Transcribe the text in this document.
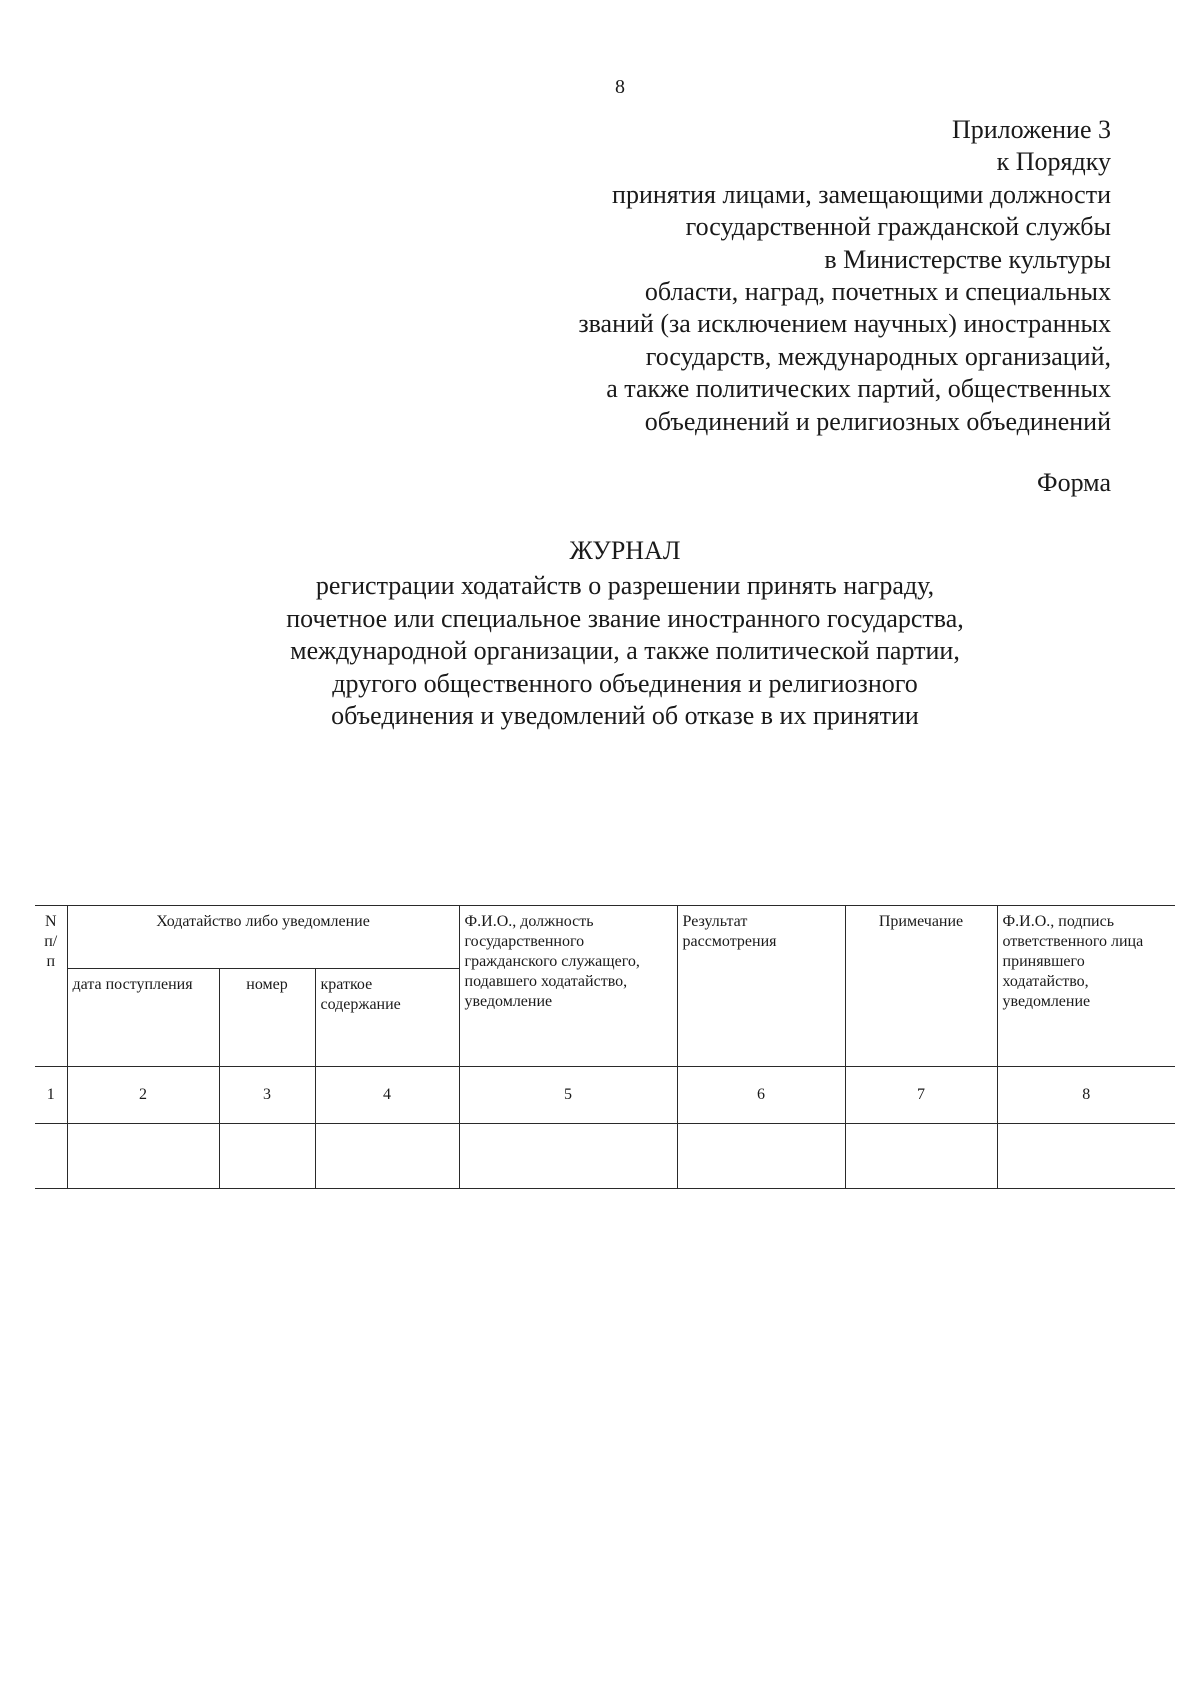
8
Приложение 3
к Порядку
принятия лицами, замещающими должности
государственной гражданской службы
в Министерстве культуры
области, наград, почетных и специальных
званий (за исключением научных) иностранных
государств, международных организаций,
а также политических партий, общественных
объединений и религиозных объединений
Форма
ЖУРНАЛ
регистрации ходатайств о разрешении принять награду,
почетное или специальное звание иностранного государства,
международной организации, а также политической партии,
другого общественного объединения и религиозного
объединения и уведомлений об отказе в их принятии
N п/п	Ходатайство либо уведомление			Ф.И.О., должность государственного гражданского служащего, подавшего ходатайство, уведомление	Результат рассмотрения	Примечание	Ф.И.О., подпись ответственного лица принявшего ходатайство, уведомление
	дата поступления	номер	краткое содержание				
1	2	3	4	5	6	7	8
